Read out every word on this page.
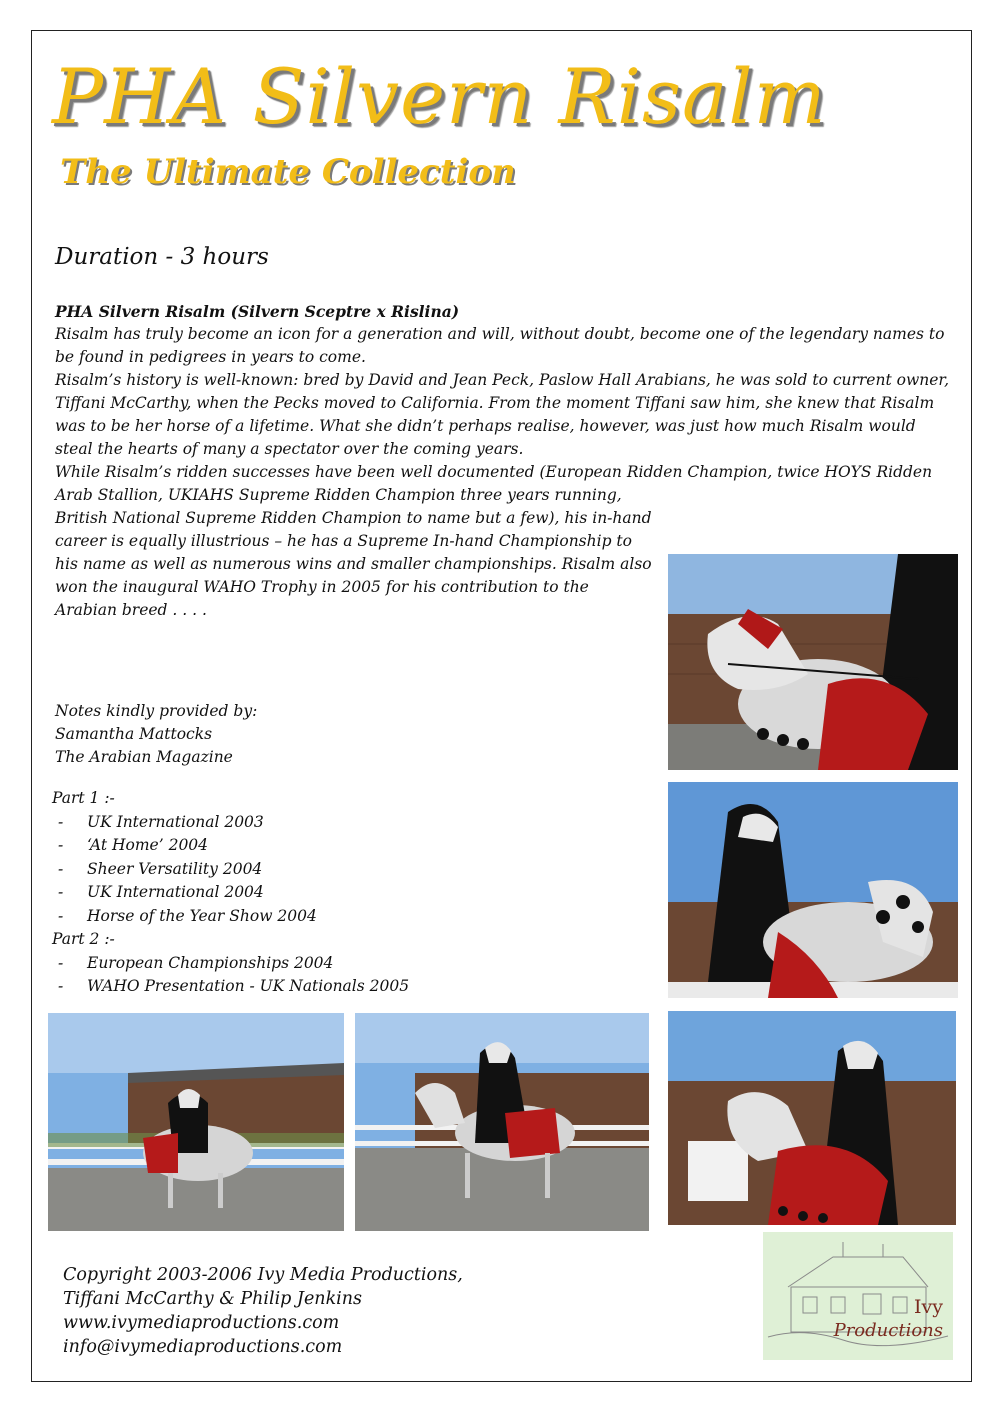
PHA Silvern Risalm
The Ultimate Collection
Duration - 3 hours

PHA Silvern Risalm (Silvern Sceptre x Rislina)

Risalm has truly become an icon for a generation and will, without doubt, become one of the legendary names to be found in pedigrees in years to come.

Risalm’s history is well-known: bred by David and Jean Peck, Paslow Hall Arabians, he was sold to current owner, Tiffani McCarthy, when the Pecks moved to California. From the moment Tiffani saw him, she knew that Risalm was to be her horse of a lifetime. What she didn’t perhaps realise, however, was just how much Risalm would steal the hearts of many a spectator over the coming years.

While Risalm’s ridden successes have been well documented (European Ridden Champion, twice HOYS Ridden Arab Stallion, UKIAHS Supreme Ridden Champion three years running,

British National Supreme Ridden Champion to name but a few), his in-hand career is equally illustrious – he has a Supreme In-hand Championship to his name as well as numerous wins and smaller championships. Risalm also won the inaugural WAHO Trophy in 2005 for his contribution to the Arabian breed . . . .

Notes kindly provided by:
Samantha Mattocks
The Arabian Magazine
Part 1 :-
- UK International 2003
- ‘At Home’ 2004
- Sheer Versatility 2004
- UK International 2004
- Horse of the Year Show 2004
Part 2 :-
- European Championships 2004
- WAHO Presentation - UK Nationals 2005
Copyright 2003-2006 Ivy Media Productions,
Tiffani McCarthy & Philip Jenkins
www.ivymediaproductions.com
info@ivymediaproductions.com
Ivy
Productions
